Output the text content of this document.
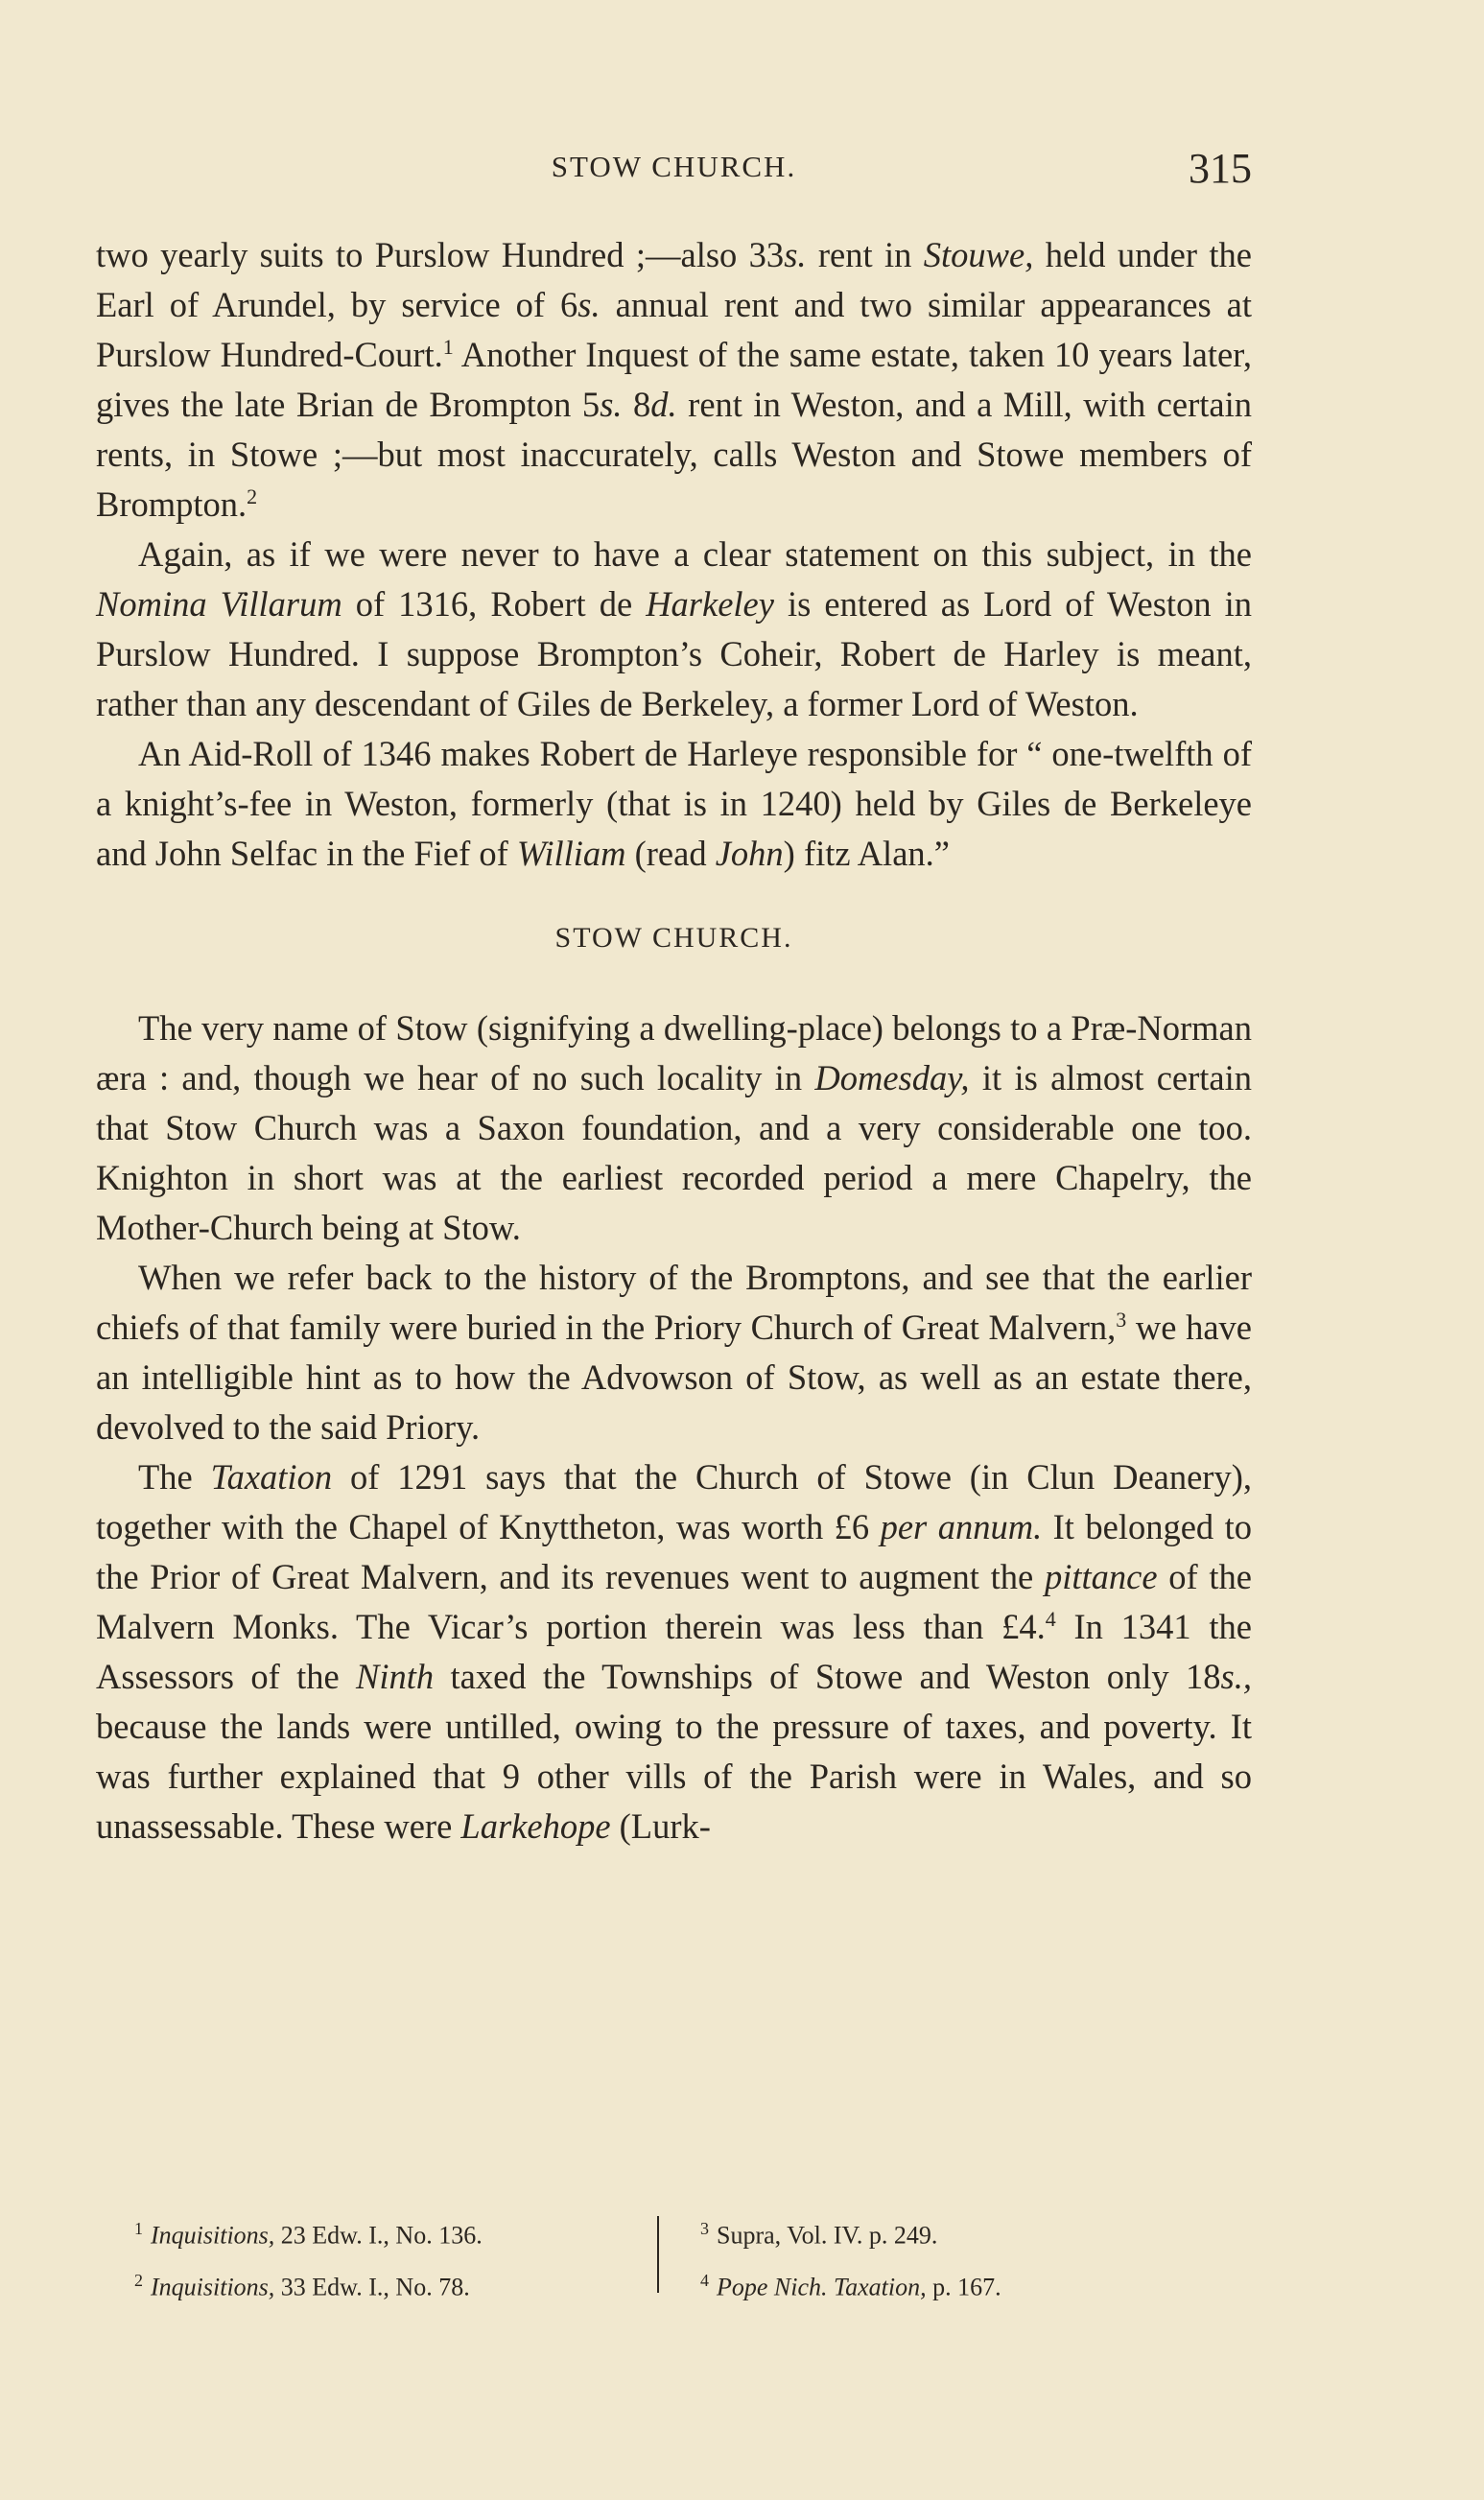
STOW CHURCH.	315

two yearly suits to Purslow Hundred ;—also 33s. rent in Stouwe, held under the Earl of Arundel, by service of 6s. annual rent and two similar appearances at Purslow Hundred-Court.$^1$ Another Inquest of the same estate, taken 10 years later, gives the late Brian de Brompton 5s. 8d. rent in Weston, and a Mill, with certain rents, in Stowe ;—but most inaccurately, calls Weston and Stowe members of Brompton.$^2$

Again, as if we were never to have a clear statement on this subject, in the Nomina Villarum of 1316, Robert de Harkeley is entered as Lord of Weston in Purslow Hundred. I suppose Brompton’s Coheir, Robert de Harley is meant, rather than any descendant of Giles de Berkeley, a former Lord of Weston.

An Aid-Roll of 1346 makes Robert de Harleye responsible for “ one-twelfth of a knight’s-fee in Weston, formerly (that is in 1240) held by Giles de Berkeleye and John Selfac in the Fief of William (read John) fitz Alan.”

STOW CHURCH.

The very name of Stow (signifying a dwelling-place) belongs to a Præ-Norman æra : and, though we hear of no such locality in Domesday, it is almost certain that Stow Church was a Saxon foundation, and a very considerable one too. Knighton in short was at the earliest recorded period a mere Chapelry, the Mother-Church being at Stow.

When we refer back to the history of the Bromptons, and see that the earlier chiefs of that family were buried in the Priory Church of Great Malvern,$^3$ we have an intelligible hint as to how the Advowson of Stow, as well as an estate there, devolved to the said Priory.

The Taxation of 1291 says that the Church of Stowe (in Clun Deanery), together with the Chapel of Knyttheton, was worth £6 per annum. It belonged to the Prior of Great Malvern, and its revenues went to augment the pittance of the Malvern Monks. The Vicar’s portion therein was less than £4.$^4$ In 1341 the Assessors of the Ninth taxed the Townships of Stowe and Weston only 18s., because the lands were untilled, owing to the pressure of taxes, and poverty. It was further explained that 9 other vills of the Parish were in Wales, and so unassessable. These were Larkehope (Lurk-

$^1$ Inquisitions, 23 Edw. I., No. 136.
$^2$ Inquisitions, 33 Edw. I., No. 78.
$^3$ Supra, Vol. IV. p. 249.
$^4$ Pope Nich. Taxation, p. 167.
